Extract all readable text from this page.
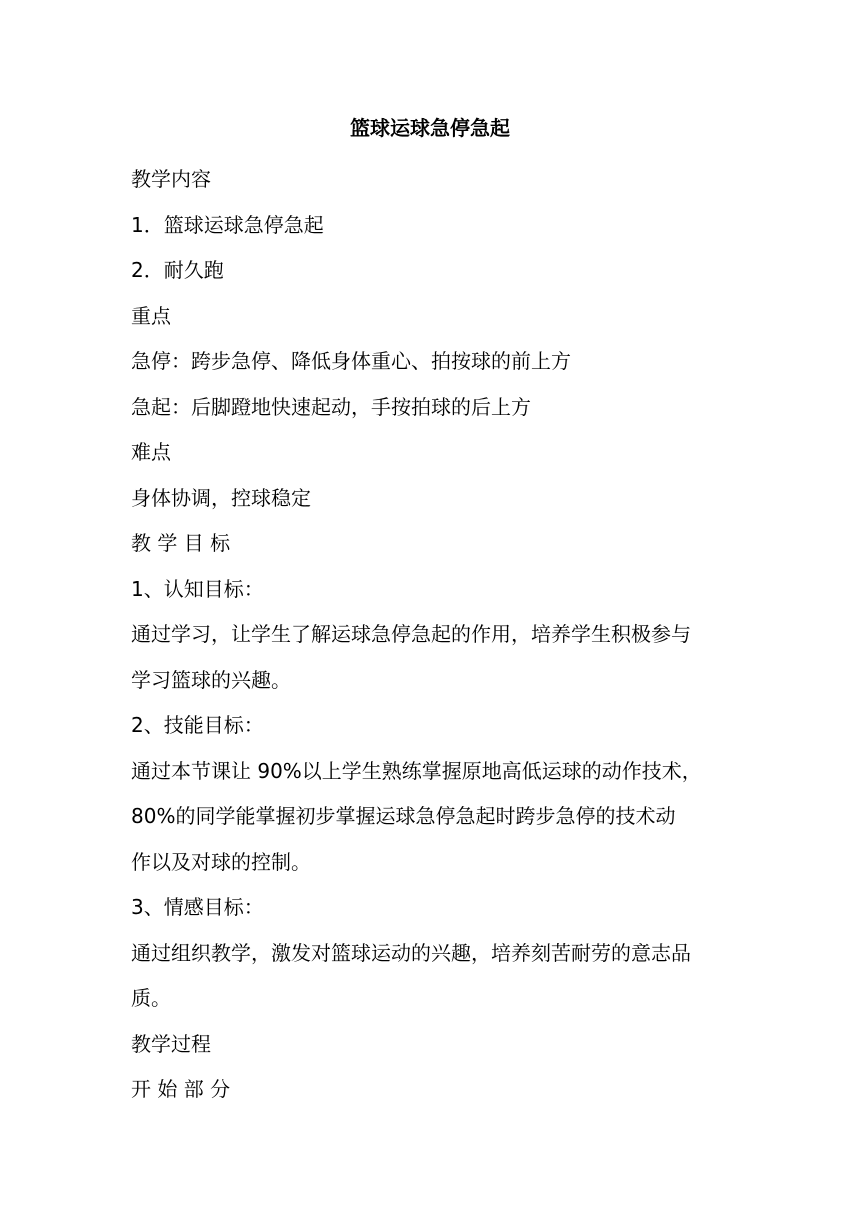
篮球运球急停急起

教学内容

1．篮球运球急停急起

2．耐久跑

重点

急停：跨步急停、降低身体重心、拍按球的前上方

急起：后脚蹬地快速起动，手按拍球的后上方

难点

身体协调，控球稳定

教 学 目 标

1、认知目标：

通过学习，让学生了解运球急停急起的作用，培养学生积极参与

学习篮球的兴趣。

2、技能目标：

通过本节课让 90%以上学生熟练掌握原地高低运球的动作技术，

80%的同学能掌握初步掌握运球急停急起时跨步急停的技术动

作以及对球的控制。

3、情感目标：

通过组织教学，激发对篮球运动的兴趣，培养刻苦耐劳的意志品

质。

教学过程

开 始 部 分
